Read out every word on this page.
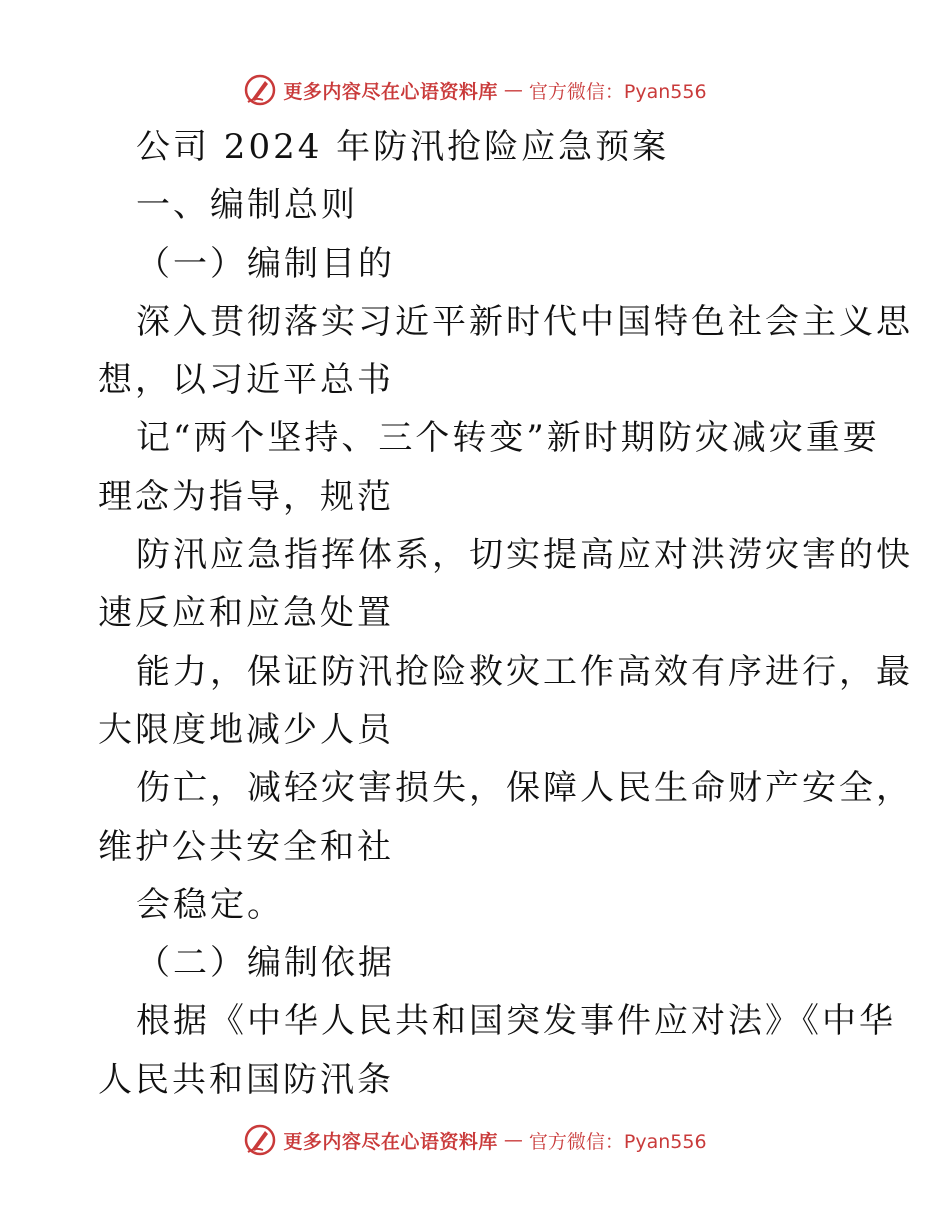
更多内容尽在心语资料库 — 官方微信：Pyan556
公司 2024 年防汛抢险应急预案
一、编制总则
（一）编制目的
深入贯彻落实习近平新时代中国特色社会主义思
想，以习近平总书
记“两个坚持、三个转变”新时期防灾减灾重要
理念为指导，规范
防汛应急指挥体系，切实提高应对洪涝灾害的快
速反应和应急处置
能力，保证防汛抢险救灾工作高效有序进行，最
大限度地减少人员
伤亡，减轻灾害损失，保障人民生命财产安全，
维护公共安全和社
会稳定。
（二）编制依据
根据《中华人民共和国突发事件应对法》《中华
人民共和国防汛条
更多内容尽在心语资料库 — 官方微信：Pyan556
